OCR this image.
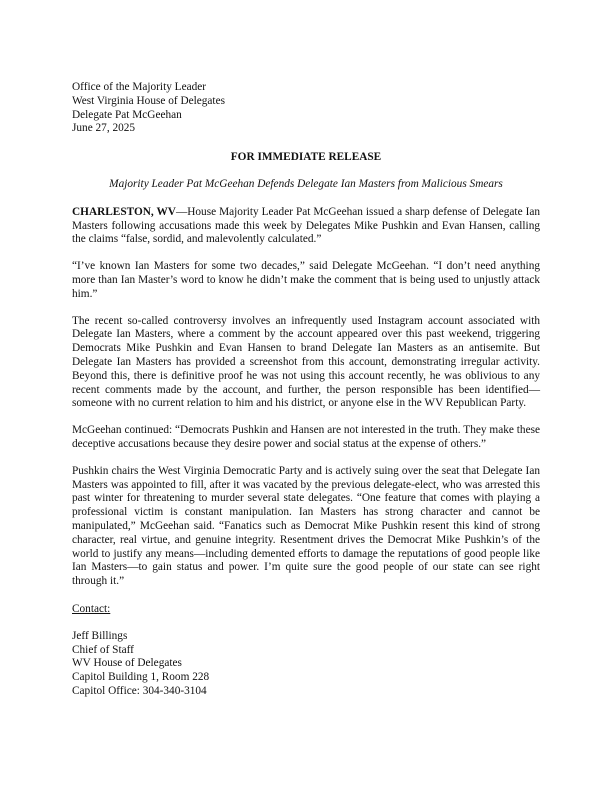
Office of the Majority Leader
West Virginia House of Delegates
Delegate Pat McGeehan
June 27, 2025
FOR IMMEDIATE RELEASE
Majority Leader Pat McGeehan Defends Delegate Ian Masters from Malicious Smears

CHARLESTON, WV—House Majority Leader Pat McGeehan issued a sharp defense of Delegate Ian Masters following accusations made this week by Delegates Mike Pushkin and Evan Hansen, calling the claims “false, sordid, and malevolently calculated.”

“I’ve known Ian Masters for some two decades,” said Delegate McGeehan. “I don’t need anything more than Ian Master’s word to know he didn’t make the comment that is being used to unjustly attack him.”

The recent so-called controversy involves an infrequently used Instagram account associated with Delegate Ian Masters, where a comment by the account appeared over this past weekend, triggering Democrats Mike Pushkin and Evan Hansen to brand Delegate Ian Masters as an antisemite. But Delegate Ian Masters has provided a screenshot from this account, demonstrating irregular activity. Beyond this, there is definitive proof he was not using this account recently, he was oblivious to any recent comments made by the account, and further, the person responsible has been identified—someone with no current relation to him and his district, or anyone else in the WV Republican Party.

McGeehan continued: “Democrats Pushkin and Hansen are not interested in the truth. They make these deceptive accusations because they desire power and social status at the expense of others.”

Pushkin chairs the West Virginia Democratic Party and is actively suing over the seat that Delegate Ian Masters was appointed to fill, after it was vacated by the previous delegate-elect, who was arrested this past winter for threatening to murder several state delegates. “One feature that comes with playing a professional victim is constant manipulation. Ian Masters has strong character and cannot be manipulated,” McGeehan said. “Fanatics such as Democrat Mike Pushkin resent this kind of strong character, real virtue, and genuine integrity. Resentment drives the Democrat Mike Pushkin’s of the world to justify any means—including demented efforts to damage the reputations of good people like Ian Masters—to gain status and power. I’m quite sure the good people of our state can see right through it.”

Contact:
Jeff Billings
Chief of Staff
WV House of Delegates
Capitol Building 1, Room 228
Capitol Office: 304-340-3104
